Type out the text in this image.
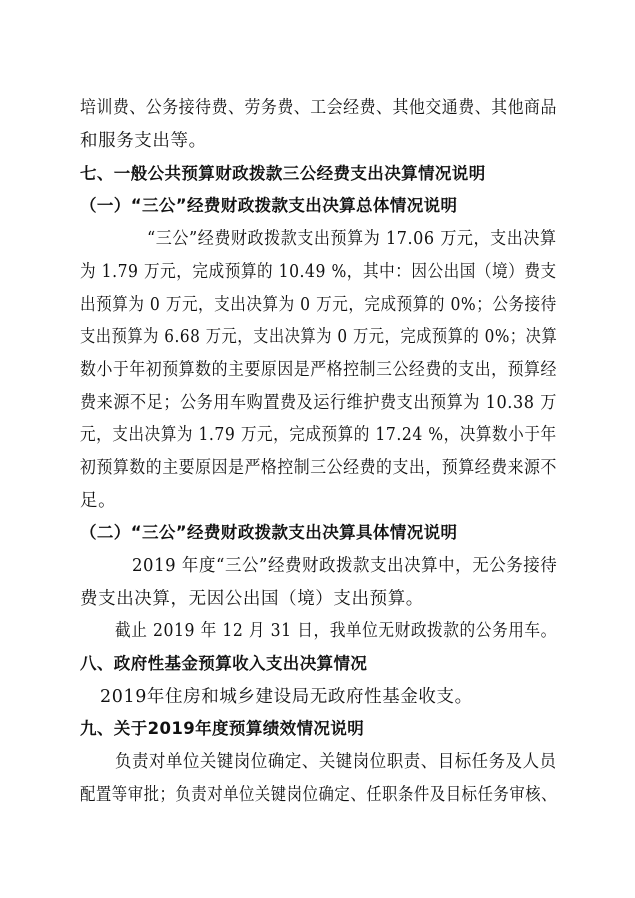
培训费、公务接待费、劳务费、工会经费、其他交通费、其他商品
和服务支出等。
七、一般公共预算财政拨款三公经费支出决算情况说明
（一）“三公”经费财政拨款支出决算总体情况说明
“三公”经费财政拨款支出预算为 17.06 万元，支出决算
为 1.79 万元，完成预算的 10.49 %，其中：因公出国（境）费支
出预算为 0 万元，支出决算为 0 万元，完成预算的 0%；公务接待
支出预算为 6.68 万元，支出决算为 0 万元，完成预算的 0%；决算
数小于年初预算数的主要原因是严格控制三公经费的支出，预算经
费来源不足；公务用车购置费及运行维护费支出预算为 10.38 万
元，支出决算为 1.79 万元，完成预算的 17.24 %，决算数小于年
初预算数的主要原因是严格控制三公经费的支出，预算经费来源不
足。
（二）“三公”经费财政拨款支出决算具体情况说明
2019 年度“三公”经费财政拨款支出决算中，无公务接待
费支出决算，无因公出国（境）支出预算。
截止 2019 年 12 月 31 日，我单位无财政拨款的公务用车。
八、政府性基金预算收入支出决算情况
2019年住房和城乡建设局无政府性基金收支。
九、关于2019年度预算绩效情况说明
负责对单位关键岗位确定、关键岗位职责、目标任务及人员
配置等审批；负责对单位关键岗位确定、任职条件及目标任务审核、
